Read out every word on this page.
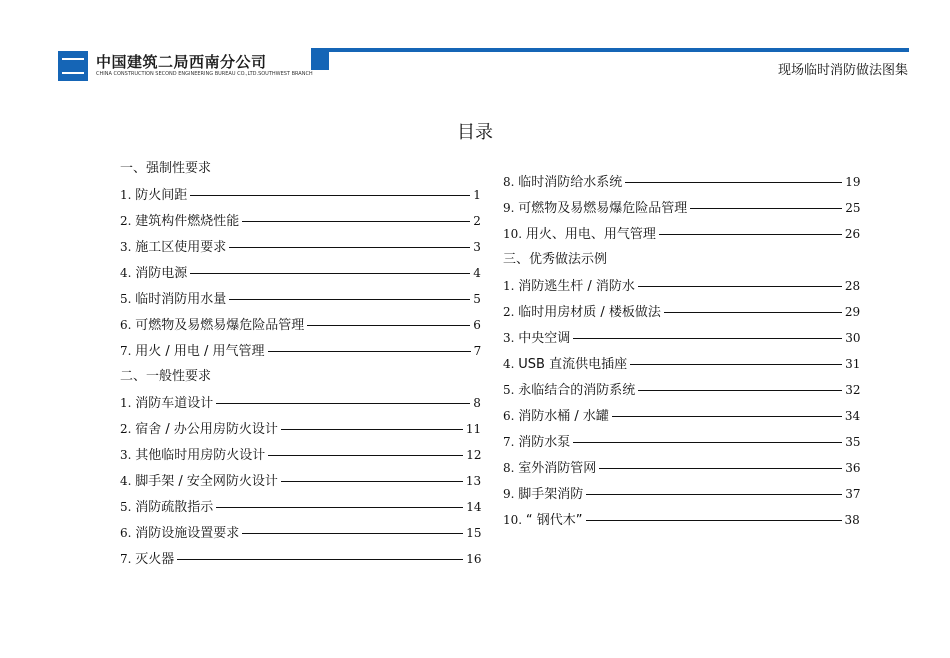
中国建筑二局西南分公司
CHINA CONSTRUCTION SECOND ENGINEERING BUREAU CO.,LTD.SOUTHWEST BRANCH	现场临时消防做法图集
目录
一、强制性要求
1. 防火间距	1
2. 建筑构件燃烧性能	2
3. 施工区使用要求	3
4. 消防电源	4
5. 临时消防用水量	5
6. 可燃物及易燃易爆危险品管理	6
7. 用火 / 用电 / 用气管理	7
二、一般性要求
1. 消防车道设计	8
2. 宿舍 / 办公用房防火设计	11
3. 其他临时用房防火设计	12
4. 脚手架 / 安全网防火设计	13
5. 消防疏散指示	14
6. 消防设施设置要求	15
7. 灭火器	16
8. 临时消防给水系统	19
9. 可燃物及易燃易爆危险品管理	25
10. 用火、用电、用气管理	26
三、优秀做法示例
1. 消防逃生杆 / 消防水	28
2. 临时用房材质 / 楼板做法	29
3. 中央空调	30
4. USB 直流供电插座	31
5. 永临结合的消防系统	32
6. 消防水桶 / 水罐	34
7. 消防水泵	35
8. 室外消防管网	36
9. 脚手架消防	37
10. “ 钢代木”	38
